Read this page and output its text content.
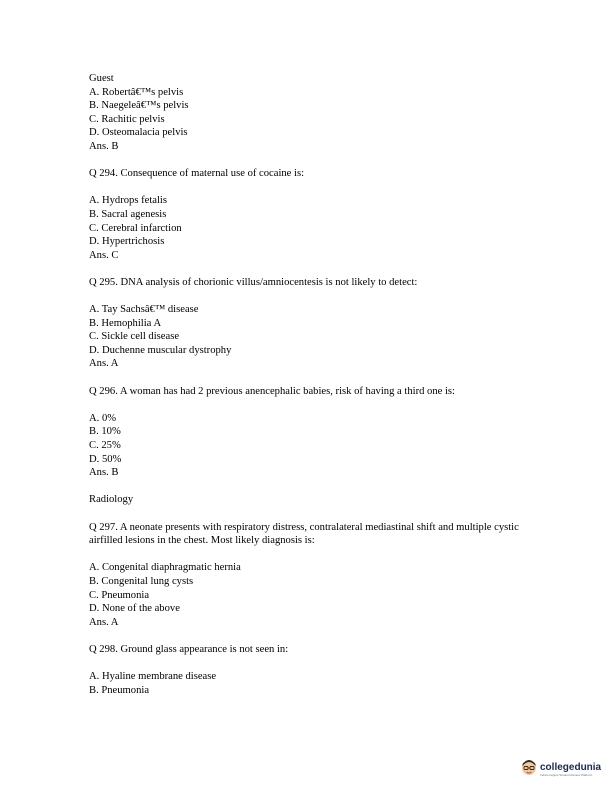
Guest
A. Robertâ€™s pelvis
B. Naegeleâ€™s pelvis
C. Rachitic pelvis
D. Osteomalacia pelvis
Ans. B
Q 294. Consequence of maternal use of cocaine is:
A. Hydrops fetalis
B. Sacral agenesis
C. Cerebral infarction
D. Hypertrichosis
Ans. C
Q 295. DNA analysis of chorionic villus/amniocentesis is not likely to detect:
A. Tay Sachsâ€™ disease
B. Hemophilia A
C. Sickle cell disease
D. Duchenne muscular dystrophy
Ans. A
Q 296. A woman has had 2 previous anencephalic babies, risk of having a third one is:
A. 0%
B. 10%
C. 25%
D. 50%
Ans. B
Radiology
Q 297. A neonate presents with respiratory distress, contralateral mediastinal shift and multiple cystic airfilled lesions in the chest. Most likely diagnosis is:
A. Congenital diaphragmatic hernia
B. Congenital lung cysts
C. Pneumonia
D. None of the above
Ans. A
Q 298. Ground glass appearance is not seen in:
A. Hyaline membrane disease
B. Pneumonia
collegedunia
India's largest Student Review Platform
